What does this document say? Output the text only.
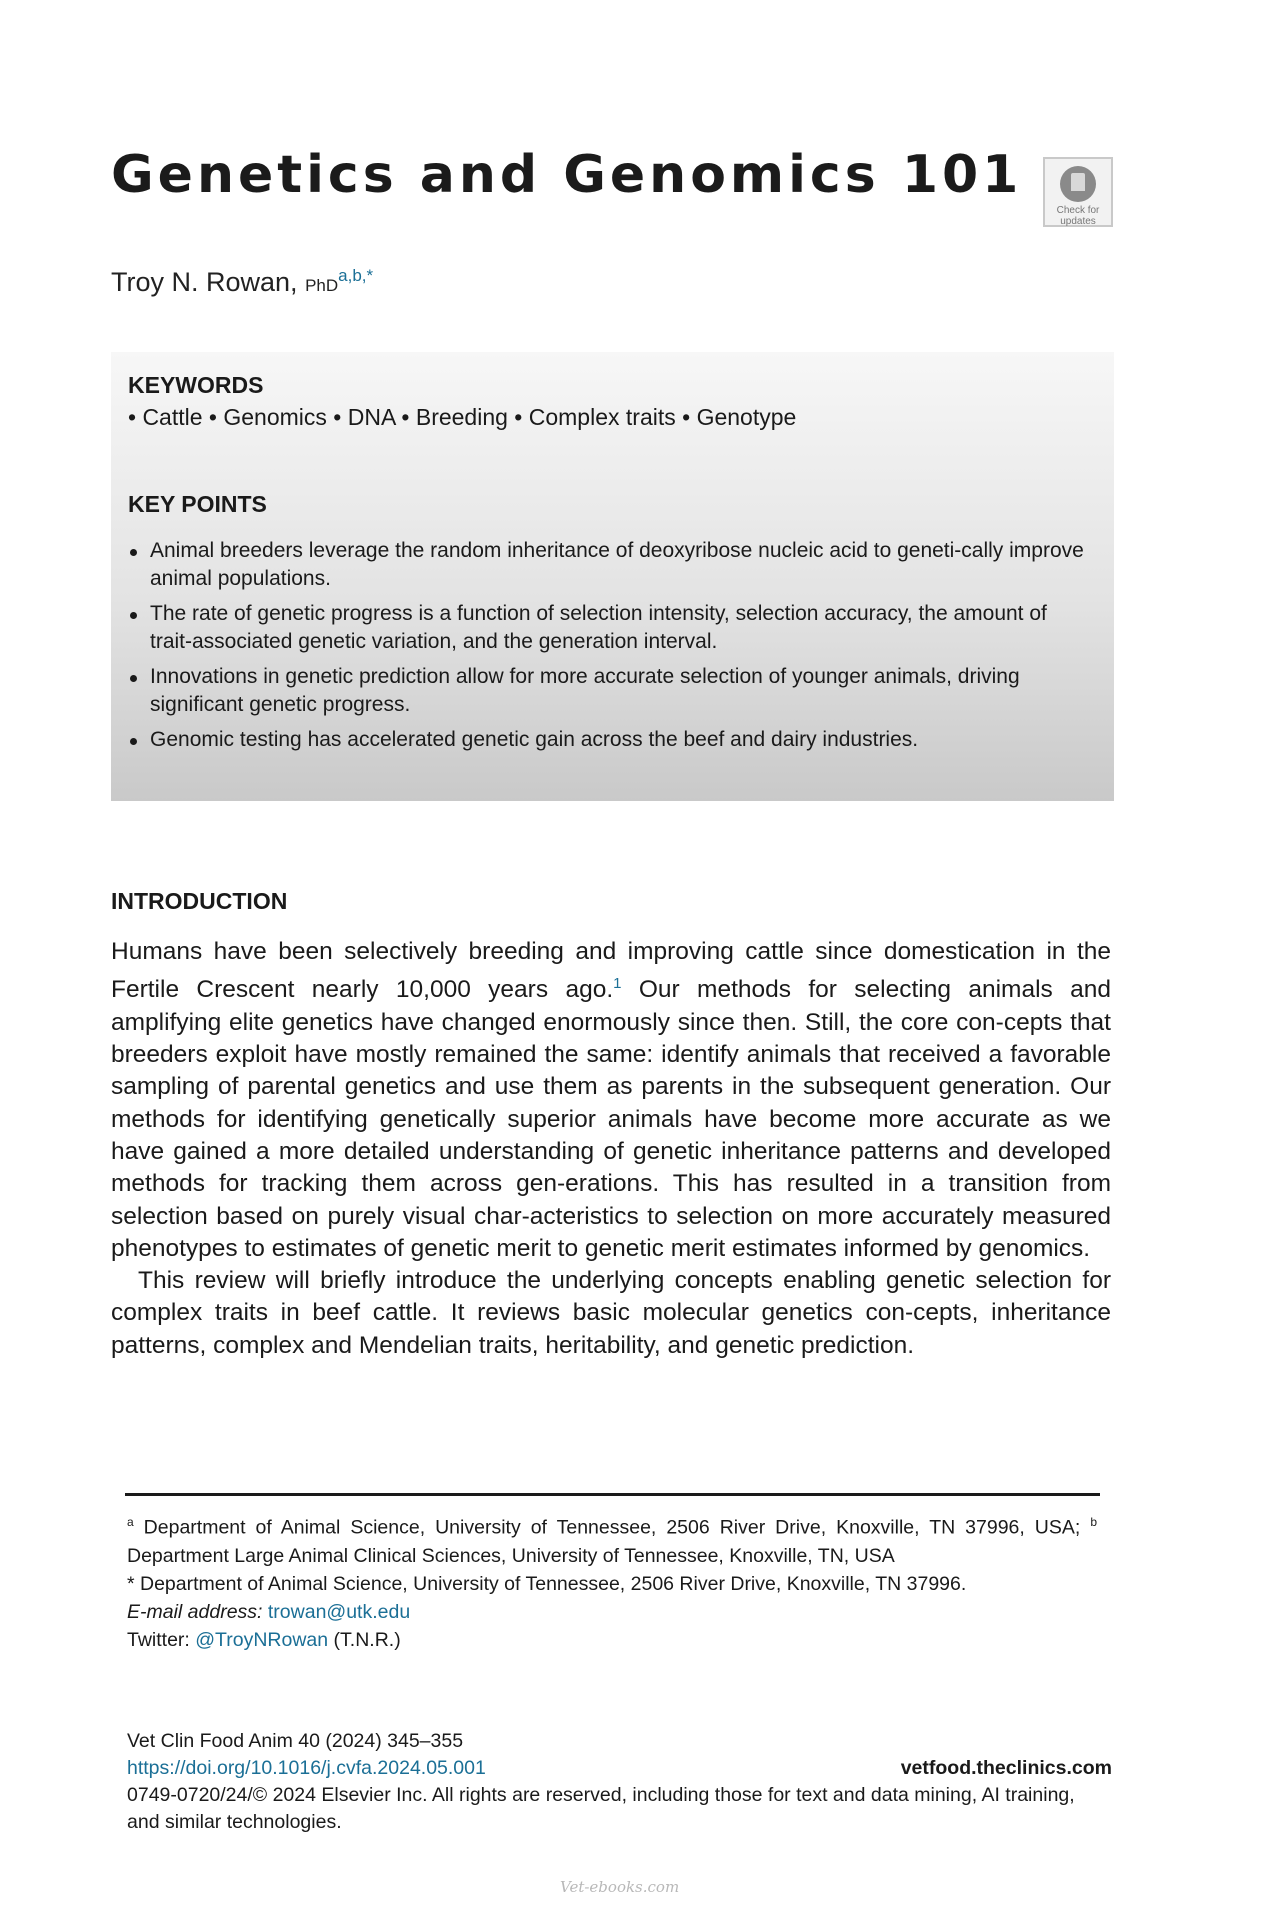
Genetics and Genomics 101
Check for
updates
Troy N. Rowan, PhD$^{a,b,*}$
KEYWORDS
• Cattle • Genomics • DNA • Breeding • Complex traits • Genotype
KEY POINTS
Animal breeders leverage the random inheritance of deoxyribose nucleic acid to geneti-cally improve animal populations.
The rate of genetic progress is a function of selection intensity, selection accuracy, the amount of trait-associated genetic variation, and the generation interval.
Innovations in genetic prediction allow for more accurate selection of younger animals, driving significant genetic progress.
Genomic testing has accelerated genetic gain across the beef and dairy industries.
INTRODUCTION

Humans have been selectively breeding and improving cattle since domestication in the Fertile Crescent nearly 10,000 years ago.$^1$ Our methods for selecting animals and amplifying elite genetics have changed enormously since then. Still, the core con-cepts that breeders exploit have mostly remained the same: identify animals that received a favorable sampling of parental genetics and use them as parents in the subsequent generation. Our methods for identifying genetically superior animals have become more accurate as we have gained a more detailed understanding of genetic inheritance patterns and developed methods for tracking them across gen-erations. This has resulted in a transition from selection based on purely visual char-acteristics to selection on more accurately measured phenotypes to estimates of genetic merit to genetic merit estimates informed by genomics.

This review will briefly introduce the underlying concepts enabling genetic selection for complex traits in beef cattle. It reviews basic molecular genetics con-cepts, inheritance patterns, complex and Mendelian traits, heritability, and genetic prediction.

$^a$ Department of Animal Science, University of Tennessee, 2506 River Drive, Knoxville, TN 37996, USA; $^b$ Department Large Animal Clinical Sciences, University of Tennessee, Knoxville, TN, USA

* Department of Animal Science, University of Tennessee, 2506 River Drive, Knoxville, TN 37996.

E-mail address: trowan@utk.edu

Twitter: @TroyNRowan (T.N.R.)

Vet Clin Food Anim 40 (2024) 345–355

https://doi.org/10.1016/j.cvfa.2024.05.001	vetfood.theclinics.com

0749-0720/24/© 2024 Elsevier Inc. All rights are reserved, including those for text and data mining, AI training, and similar technologies.

Vet-ebooks.com
